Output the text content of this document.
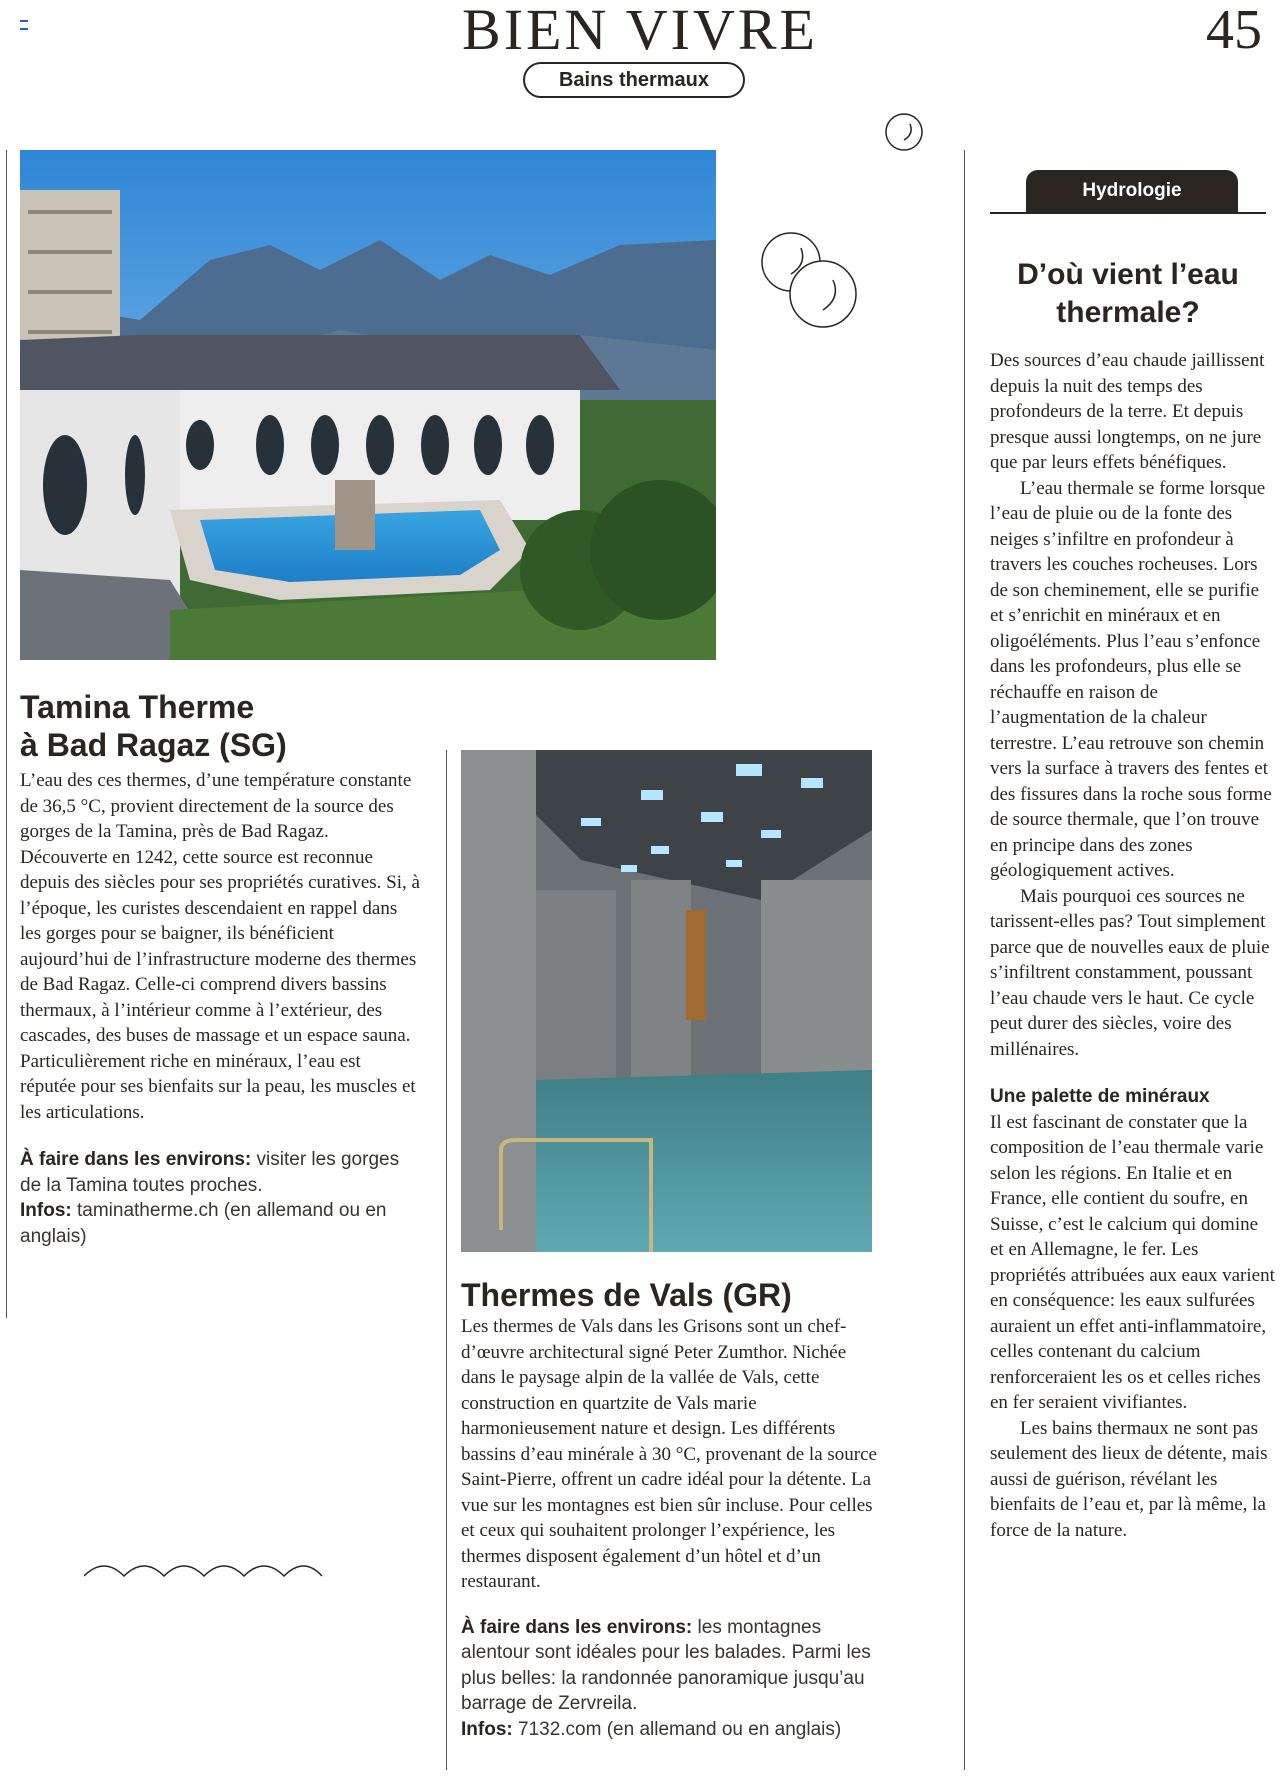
BIEN VIVRE	45
Bains thermaux
Tamina Therme
à Bad Ragaz (SG)
L’eau des ces thermes, d’une température constante de 36,5 °C, provient directement de la source des gorges de la Tamina, près de Bad Ragaz. Découverte en 1242, cette source est reconnue depuis des siècles pour ses propriétés curatives. Si, à l’époque, les curistes descendaient en rappel dans les gorges pour se baigner, ils bénéficient aujourd’hui de l’infrastructure moderne des thermes de Bad Ragaz. Celle-ci comprend divers bassins thermaux, à l’intérieur comme à l’extérieur, des cascades, des buses de massage et un espace sauna. Particulièrement riche en minéraux, l’eau est réputée pour ses bienfaits sur la peau, les muscles et les articulations.
À faire dans les environs: visiter les gorges de la Tamina toutes proches.
Infos: taminatherme.ch (en allemand ou en anglais)
Thermes de Vals (GR)
Les thermes de Vals dans les Grisons sont un chef-d’œuvre architectural signé Peter Zumthor. Nichée dans le paysage alpin de la vallée de Vals, cette construction en quartzite de Vals marie harmonieusement nature et design. Les différents bassins d’eau minérale à 30 °C, provenant de la source Saint-Pierre, offrent un cadre idéal pour la détente. La vue sur les montagnes est bien sûr incluse. Pour celles et ceux qui souhaitent prolonger l’expérience, les thermes disposent également d’un hôtel et d’un restaurant.
À faire dans les environs: les montagnes alentour sont idéales pour les balades. Parmi les plus belles: la randonnée panoramique jusqu’au barrage de Zervreila.
Infos: 7132.com (en allemand ou en anglais)
Hydrologie
D’où vient l’eau
thermale?

Des sources d’eau chaude jaillissent depuis la nuit des temps des profondeurs de la terre. Et depuis presque aussi longtemps, on ne jure que par leurs effets bénéfiques.

L’eau thermale se forme lorsque l’eau de pluie ou de la fonte des neiges s’infiltre en profondeur à travers les couches rocheuses. Lors de son cheminement, elle se purifie et s’enrichit en minéraux et en oligoéléments. Plus l’eau s’enfonce dans les profondeurs, plus elle se réchauffe en raison de l’augmentation de la chaleur terrestre. L’eau retrouve son chemin vers la surface à travers des fentes et des fissures dans la roche sous forme de source thermale, que l’on trouve en principe dans des zones géologiquement actives.

Mais pourquoi ces sources ne tarissent-elles pas? Tout simplement parce que de nouvelles eaux de pluie s’infiltrent constamment, poussant l’eau chaude vers le haut. Ce cycle peut durer des siècles, voire des millénaires.

Une palette de minéraux

Il est fascinant de constater que la composition de l’eau thermale varie selon les régions. En Italie et en France, elle contient du soufre, en Suisse, c’est le calcium qui domine et en Allemagne, le fer. Les propriétés attribuées aux eaux varient en conséquence: les eaux sulfurées auraient un effet anti-inflammatoire, celles contenant du calcium renforceraient les os et celles riches en fer seraient vivifiantes.

Les bains thermaux ne sont pas seulement des lieux de détente, mais aussi de guérison, révélant les bienfaits de l’eau et, par là même, la force de la nature.
